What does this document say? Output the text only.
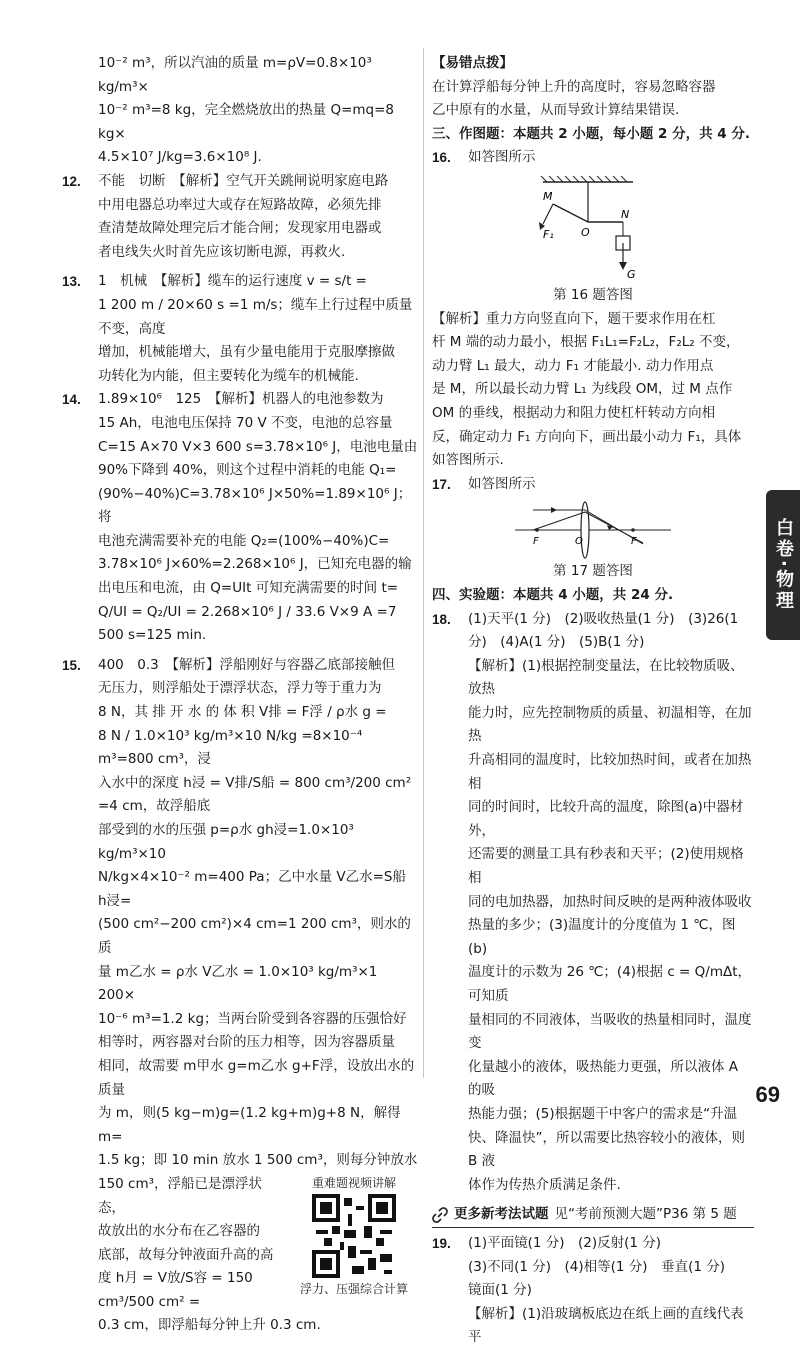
10⁻² m³，所以汽油的质量 m=ρV=0.8×10³ kg/m³×

10⁻² m³=8 kg，完全燃烧放出的热量 Q=mq=8 kg×

4.5×10⁷ J/kg=3.6×10⁸ J.

12. 不能　切断　【解析】空气开关跳闸说明家庭电路

中用电器总功率过大或存在短路故障，必须先排

查清楚故障处理完后才能合闸；发现家用电器或

者电线失火时首先应该切断电源，再救火.

13. 1　机械　【解析】缆车的运行速度 v = s/t =

1 200 m / 20×60 s =1 m/s；缆车上行过程中质量不变，高度

增加，机械能增大，虽有少量电能用于克服摩擦做

功转化为内能，但主要转化为缆车的机械能.

14. 1.89×10⁶　125　【解析】机器人的电池参数为

15 Ah，电池电压保持 70 V 不变，电池的总容量

C=15 A×70 V×3 600 s=3.78×10⁶ J，电池电量由

90%下降到 40%，则这个过程中消耗的电能 Q₁=

(90%−40%)C=3.78×10⁶ J×50%=1.89×10⁶ J；将

电池充满需要补充的电能 Q₂=(100%−40%)C=

3.78×10⁶ J×60%=2.268×10⁶ J，已知充电器的输

出电压和电流，由 Q=UIt 可知充满需要的时间 t=

Q/UI = Q₂/UI = 2.268×10⁶ J / 33.6 V×9 A =7 500 s=125 min.

15. 400　0.3　【解析】浮船刚好与容器乙底部接触但

无压力，则浮船处于漂浮状态，浮力等于重力为

8 N，其 排 开 水 的 体 积 V排 = F浮 / ρ水 g =

8 N / 1.0×10³ kg/m³×10 N/kg =8×10⁻⁴ m³=800 cm³，浸

入水中的深度 h浸 = V排/S船 = 800 cm³/200 cm² =4 cm，故浮船底

部受到的水的压强 p=ρ水 gh浸=1.0×10³ kg/m³×10

N/kg×4×10⁻² m=400 Pa；乙中水量 V乙水=S船 h浸=

(500 cm²−200 cm²)×4 cm=1 200 cm³，则水的质

量 m乙水 = ρ水 V乙水 = 1.0×10³ kg/m³×1 200×

10⁻⁶ m³=1.2 kg；当两台阶受到各容器的压强恰好

相等时，两容器对台阶的压力相等，因为容器质量

相同，故需要 m甲水 g=m乙水 g+F浮，设放出水的质量

为 m，则(5 kg−m)g=(1.2 kg+m)g+8 N，解得 m=

1.5 kg；即 10 min 放水 1 500 cm³，则每分钟放水

重难题视频讲解
浮力、压强综合计算

150 cm³，浮船已是漂浮状态，

故放出的水分布在乙容器的

底部，故每分钟液面升高的高

度 h月 = V放/S容 = 150 cm³/500 cm² =

0.3 cm，即浮船每分钟上升 0.3 cm.

【易错点拨】

在计算浮船每分钟上升的高度时，容易忽略容器

乙中原有的水量，从而导致计算结果错误.

三、作图题：本题共 2 小题，每小题 2 分，共 4 分.

16. 如答图所示

M
O
N
F₁
G

第 16 题答图

【解析】重力方向竖直向下，题干要求作用在杠

杆 M 端的动力最小，根据 F₁L₁=F₂L₂，F₂L₂ 不变，

动力臂 L₁ 最大，动力 F₁ 才能最小. 动力作用点

是 M，所以最长动力臂 L₁ 为线段 OM，过 M 点作

OM 的垂线，根据动力和阻力使杠杆转动方向相

反，确定动力 F₁ 方向向下，画出最小动力 F₁，具体

如答图所示.

17. 如答图所示

F	O	F

第 17 题答图

四、实验题：本题共 4 小题，共 24 分.

18. (1)天平(1 分)　(2)吸收热量(1 分)　(3)26(1

分)　(4)A(1 分)　(5)B(1 分)

【解析】(1)根据控制变量法，在比较物质吸、放热

能力时，应先控制物质的质量、初温相等，在加热

升高相同的温度时，比较加热时间，或者在加热相

同的时间时，比较升高的温度，除图(a)中器材外，

还需要的测量工具有秒表和天平；(2)使用规格相

同的电加热器，加热时间反映的是两种液体吸收

热量的多少；(3)温度计的分度值为 1 ℃，图(b)

温度计的示数为 26 ℃；(4)根据 c = Q/mΔt，可知质

量相同的不同液体，当吸收的热量相同时，温度变

化量越小的液体，吸热能力更强，所以液体 A 的吸

热能力强；(5)根据题干中客户的需求是“升温

快、降温快”，所以需要比热容较小的液体，则 B 液

体作为传热介质满足条件.

更多新考法试题 见“考前预测大题”P36 第 5 题
19. (1)平面镜(1 分)　(2)反射(1 分)

(3)不同(1 分)　(4)相等(1 分)　垂直(1 分)

镜面(1 分)

【解析】(1)沿玻璃板底边在纸上画的直线代表平

白卷·物理
69
